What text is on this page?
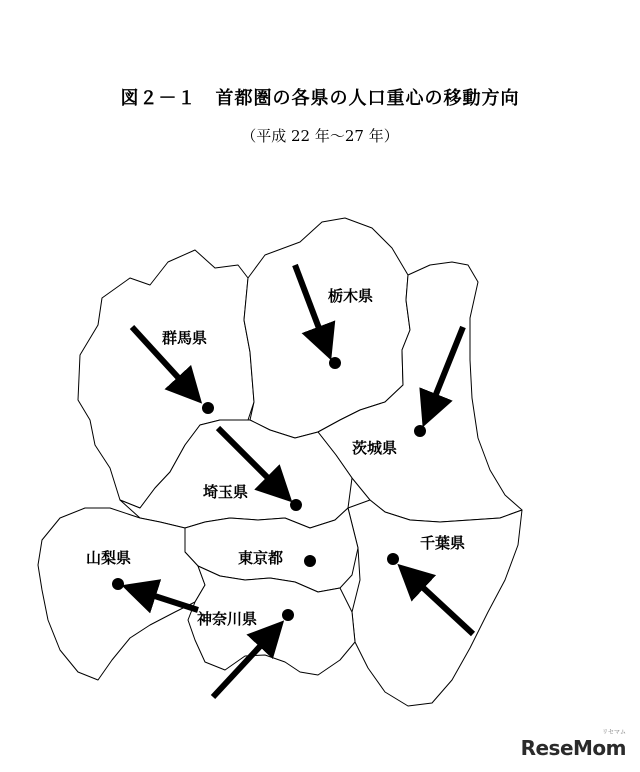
図２－１　首都圏の各県の人口重心の移動方向
（平成 22 年～27 年）
栃木県
群馬県
茨城県
埼玉県
千葉県
東京都
山梨県
神奈川県
リセマム
ReseMom
